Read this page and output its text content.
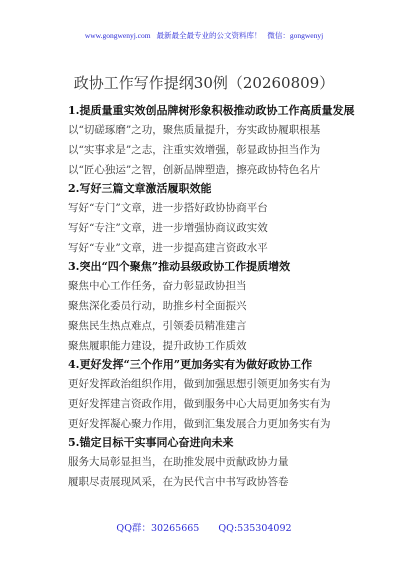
www.gongwenyj.com 最新最全最专业的公文资料库！ 微信：gongwenyj
政协工作写作提纲30例（20260809）
1.提质量重实效创品牌树形象积极推动政协工作高质量发展
以“切磋琢磨”之功，聚焦质量提升，夯实政协履职根基
以“实事求是”之志，注重实效增强，彰显政协担当作为
以“匠心独运”之智，创新品牌塑造，擦亮政协特色名片
2.写好三篇文章激活履职效能
写好“专门”文章，进一步搭好政协协商平台
写好“专注”文章，进一步增强协商议政实效
写好“专业”文章，进一步提高建言资政水平
3.突出“四个聚焦”推动县级政协工作提质增效
聚焦中心工作任务，奋力彰显政协担当
聚焦深化委员行动，助推乡村全面振兴
聚焦民生热点难点，引领委员精准建言
聚焦履职能力建设，提升政协工作质效
4.更好发挥“三个作用”更加务实有为做好政协工作
更好发挥政治组织作用，做到加强思想引领更加务实有为
更好发挥建言资政作用，做到服务中心大局更加务实有为
更好发挥凝心聚力作用，做到汇集发展合力更加务实有为
5.锚定目标干实事同心奋进向未来
服务大局彰显担当，在助推发展中贡献政协力量
履职尽责展现风采，在为民代言中书写政协答卷
QQ群：30265665 QQ:535304092
